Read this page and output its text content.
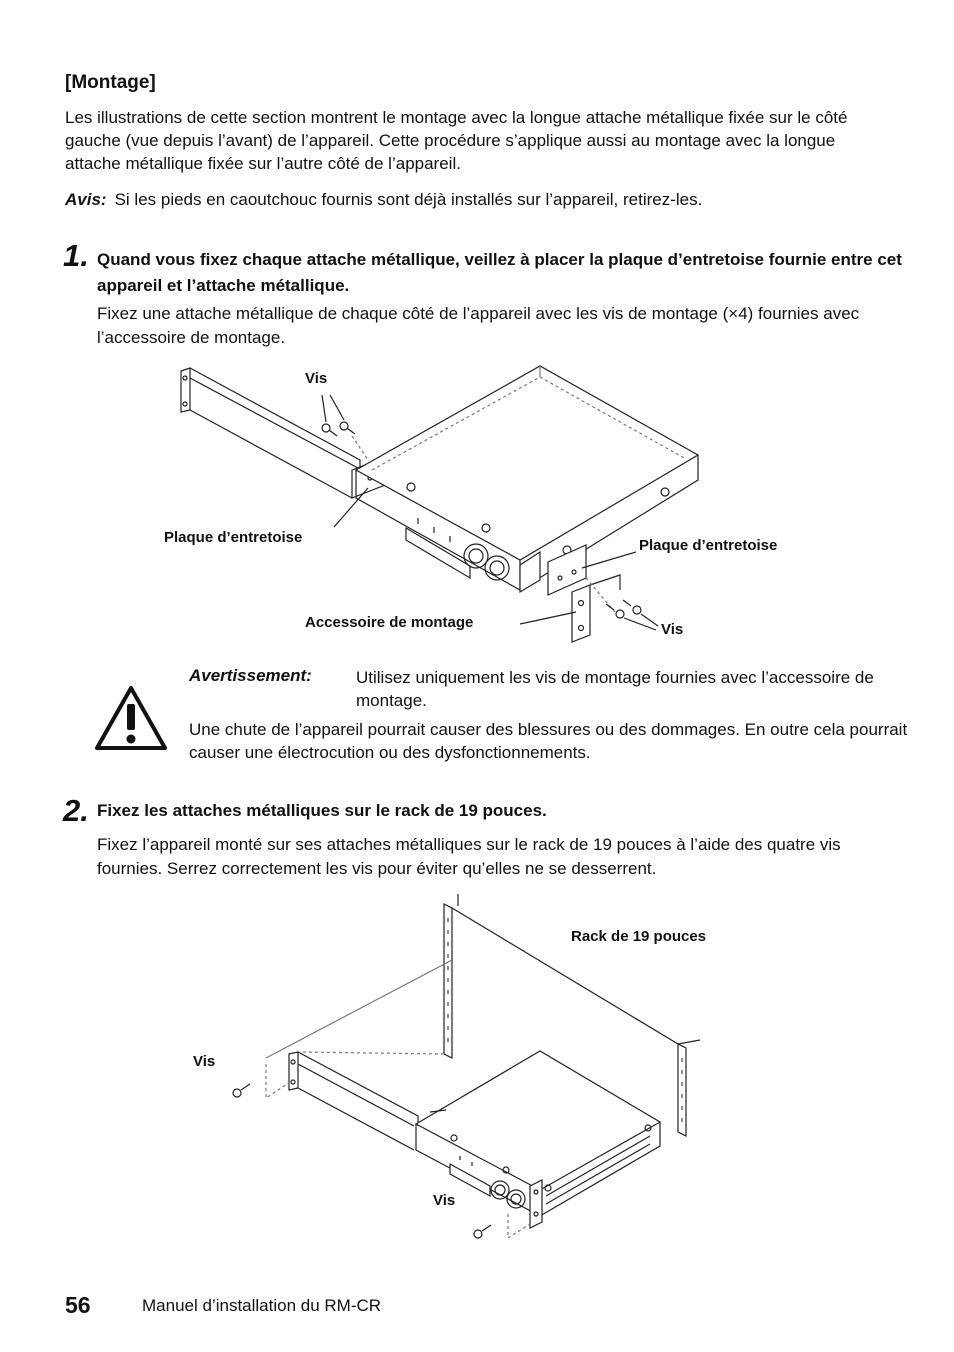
[Montage]
Les illustrations de cette section montrent le montage avec la longue attache métallique fixée sur le côté gauche (vue depuis l’avant) de l’appareil. Cette procédure s’applique aussi au montage avec la longue attache métallique fixée sur l’autre côté de l’appareil.
Avis: Si les pieds en caoutchouc fournis sont déjà installés sur l’appareil, retirez-les.
1. Quand vous fixez chaque attache métallique, veillez à placer la plaque d’entretoise fournie entre cet appareil et l’attache métallique.
Fixez une attache métallique de chaque côté de l’appareil avec les vis de montage (×4) fournies avec l’accessoire de montage.
Vis
Plaque d’entretoise	Plaque d’entretoise
Accessoire de montage	Vis
Avertissement:	Utilisez uniquement les vis de montage fournies avec l’accessoire de montage.
Une chute de l’appareil pourrait causer des blessures ou des dommages. En outre cela pourrait causer une électrocution ou des dysfonctionnements.
2. Fixez les attaches métalliques sur le rack de 19 pouces.
Fixez l’appareil monté sur ses attaches métalliques sur le rack de 19 pouces à l’aide des quatre vis fournies. Serrez correctement les vis pour éviter qu’elles ne se desserrent.
Rack de 19 pouces
Vis
Vis
56	Manuel d’installation du RM-CR
